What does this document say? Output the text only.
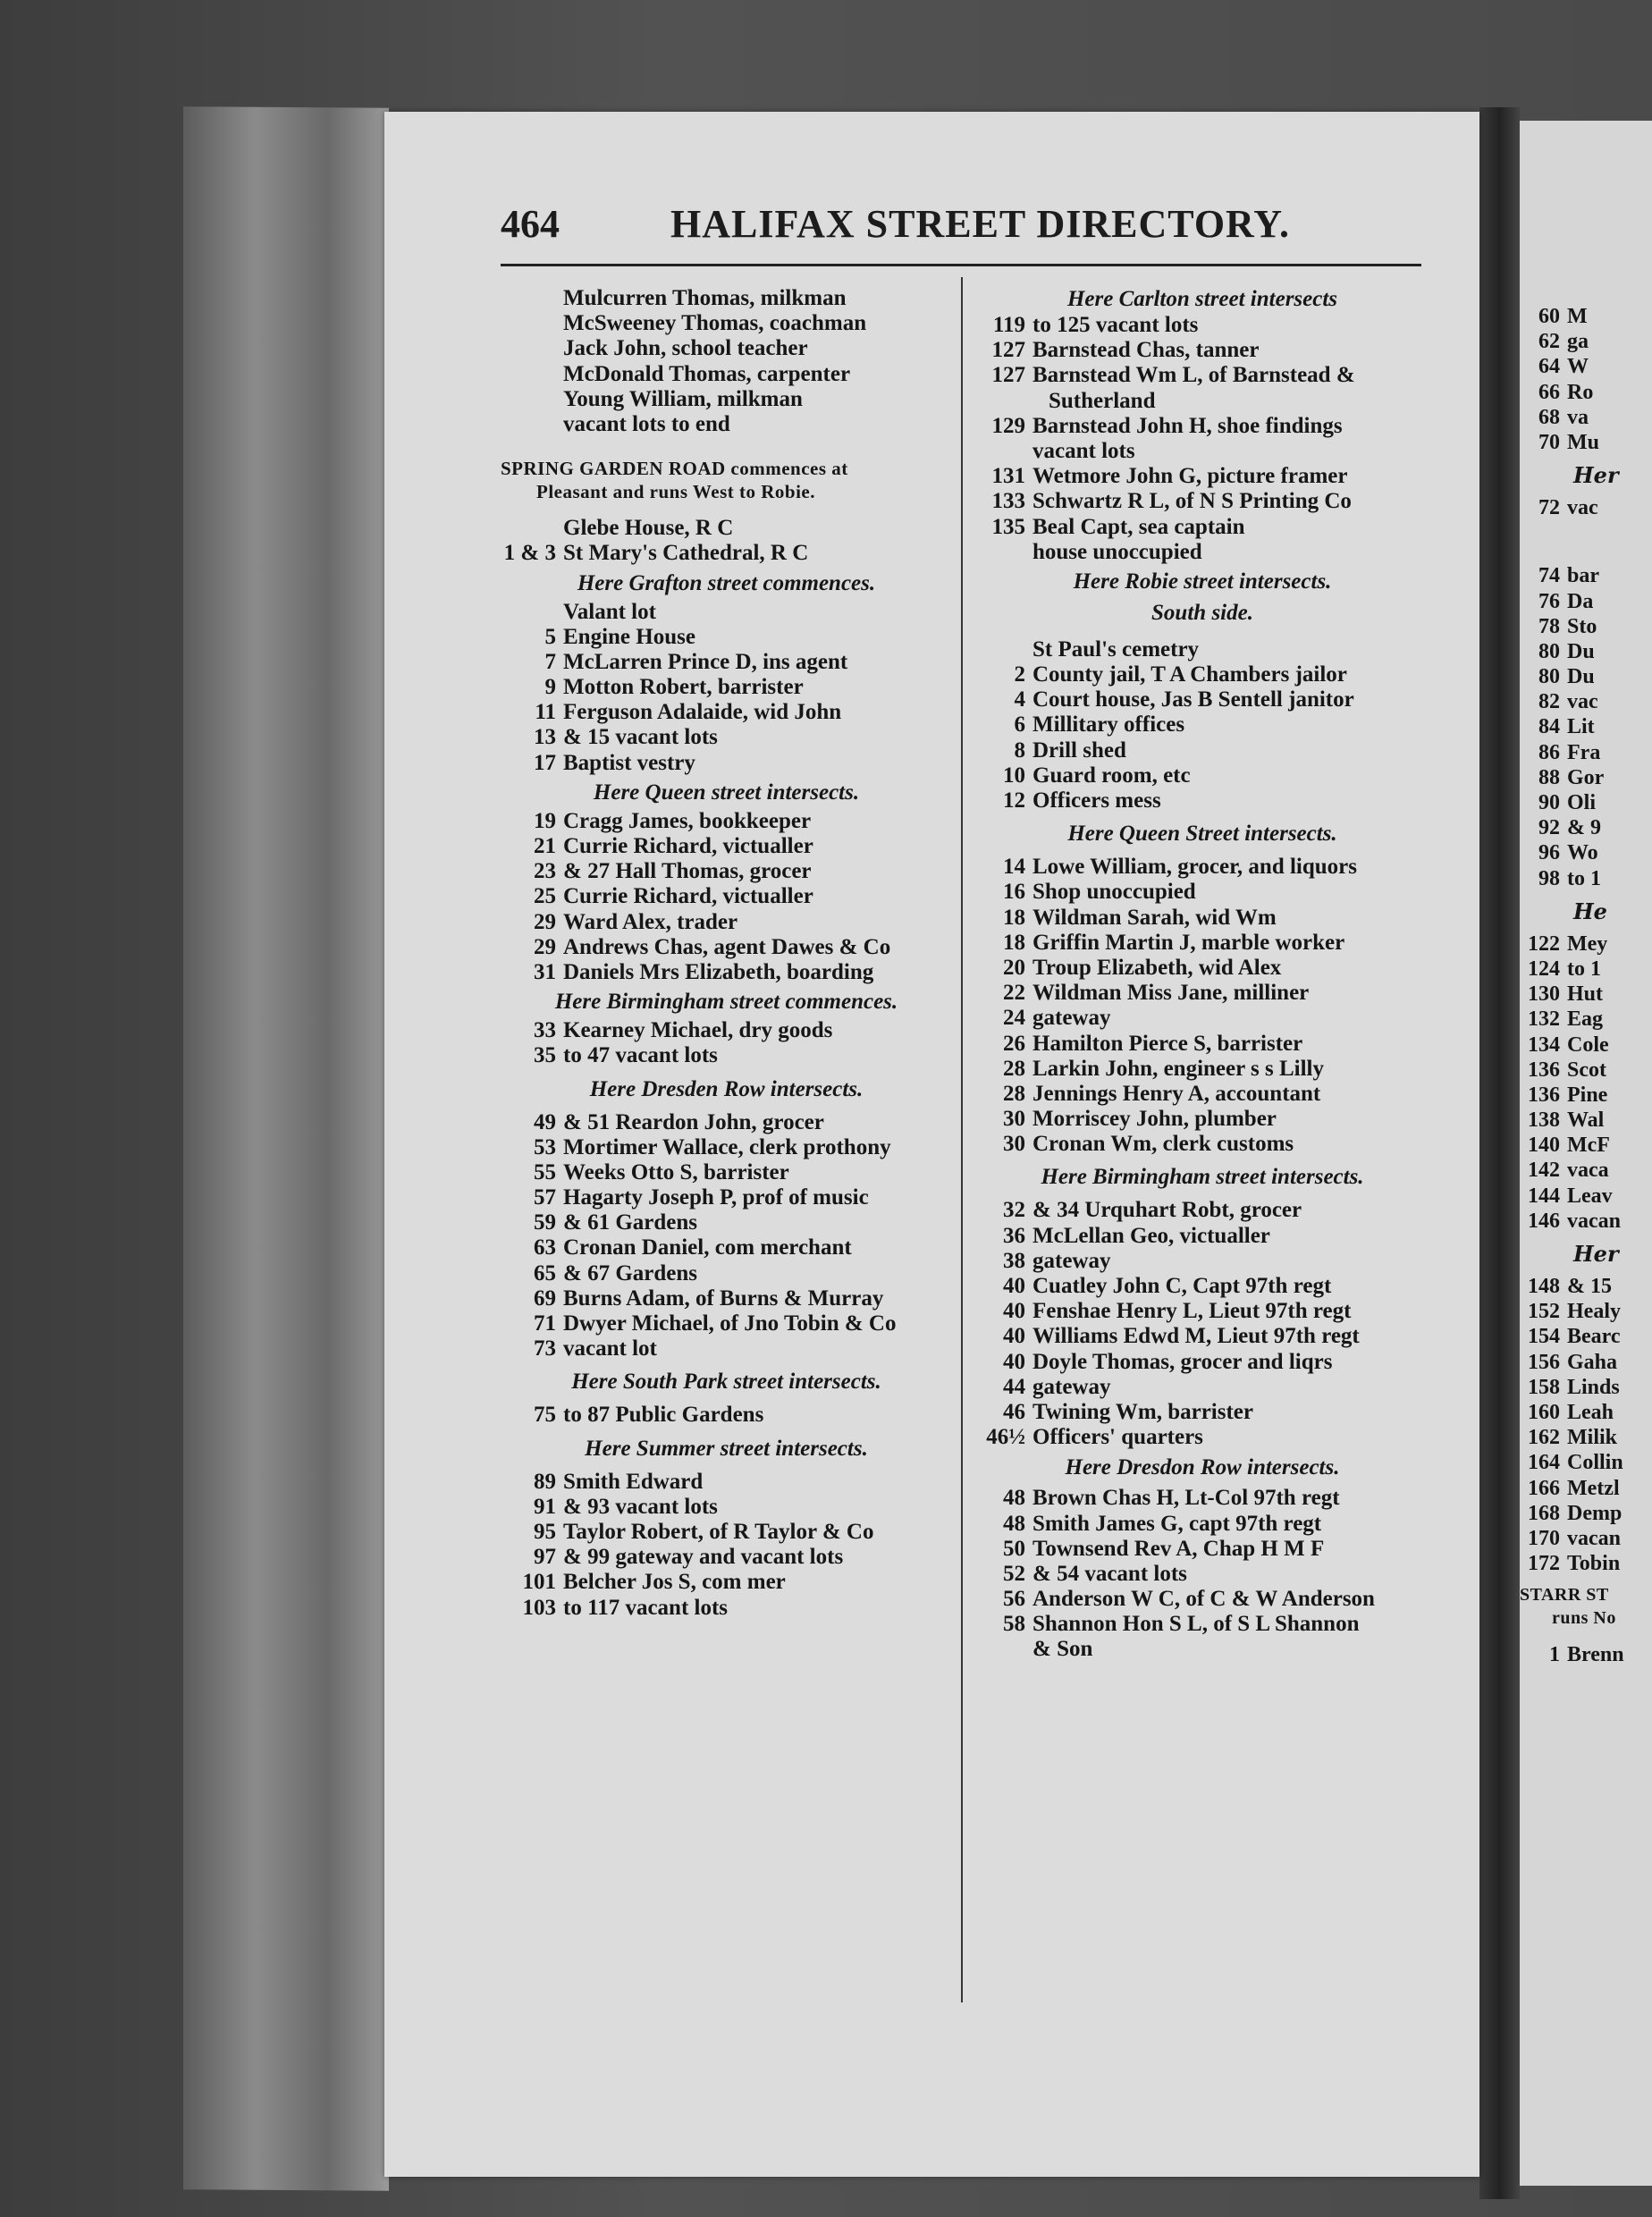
464	HALIFAX STREET DIRECTORY.
Mulcurren Thomas, milkman
McSweeney Thomas, coachman
Jack John, school teacher
McDonald Thomas, carpenter
Young William, milkman
vacant lots to end
SPRING GARDEN ROAD commences at
Pleasant and runs West to Robie.
Glebe House, R C
1 & 3 St Mary's Cathedral, R C
Here Grafton street commences.
Valant lot
5 Engine House
7 McLarren Prince D, ins agent
9 Motton Robert, barrister
11 Ferguson Adalaide, wid John
13 & 15 vacant lots
17 Baptist vestry
Here Queen street intersects.
19 Cragg James, bookkeeper
21 Currie Richard, victualler
23 & 27 Hall Thomas, grocer
25 Currie Richard, victualler
29 Ward Alex, trader
29 Andrews Chas, agent Dawes & Co
31 Daniels Mrs Elizabeth, boarding
Here Birmingham street commences.
33 Kearney Michael, dry goods
35 to 47 vacant lots
Here Dresden Row intersects.
49 & 51 Reardon John, grocer
53 Mortimer Wallace, clerk prothony
55 Weeks Otto S, barrister
57 Hagarty Joseph P, prof of music
59 & 61 Gardens
63 Cronan Daniel, com merchant
65 & 67 Gardens
69 Burns Adam, of Burns & Murray
71 Dwyer Michael, of Jno Tobin & Co
73 vacant lot
Here South Park street intersects.
75 to 87 Public Gardens
Here Summer street intersects.
89 Smith Edward
91 & 93 vacant lots
95 Taylor Robert, of R Taylor & Co
97 & 99 gateway and vacant lots
101 Belcher Jos S, com mer
103 to 117 vacant lots
Here Carlton street intersects
119 to 125 vacant lots
127 Barnstead Chas, tanner
127 Barnstead Wm L, of Barnstead &
Sutherland
129 Barnstead John H, shoe findings
vacant lots
131 Wetmore John G, picture framer
133 Schwartz R L, of N S Printing Co
135 Beal Capt, sea captain
house unoccupied
Here Robie street intersects.
South side.
St Paul's cemetry
2 County jail, T A Chambers jailor
4 Court house, Jas B Sentell janitor
6 Millitary offices
8 Drill shed
10 Guard room, etc
12 Officers mess
Here Queen Street intersects.
14 Lowe William, grocer, and liquors
16 Shop unoccupied
18 Wildman Sarah, wid Wm
18 Griffin Martin J, marble worker
20 Troup Elizabeth, wid Alex
22 Wildman Miss Jane, milliner
24 gateway
26 Hamilton Pierce S, barrister
28 Larkin John, engineer s s Lilly
28 Jennings Henry A, accountant
30 Morriscey John, plumber
30 Cronan Wm, clerk customs
Here Birmingham street intersects.
32 & 34 Urquhart Robt, grocer
36 McLellan Geo, victualler
38 gateway
40 Cuatley John C, Capt 97th regt
40 Fenshae Henry L, Lieut 97th regt
40 Williams Edwd M, Lieut 97th regt
40 Doyle Thomas, grocer and liqrs
44 gateway
46 Twining Wm, barrister
46½ Officers' quarters
Here Dresdon Row intersects.
48 Brown Chas H, Lt-Col 97th regt
48 Smith James G, capt 97th regt
50 Townsend Rev A, Chap H M F
52 & 54 vacant lots
56 Anderson W C, of C & W Anderson
58 Shannon Hon S L, of S L Shannon
& Son
60 M
62 ga
64 W
66 Ro
68 va
70 Mu
Her
72 vac
74 bar
76 Da
78 Sto
80 Du
80 Du
82 vac
84 Lit
86 Fra
88 Gor
90 Oli
92 & 9
96 Wo
98 to 1
He
122 Mey
124 to 1
130 Hut
132 Eag
134 Cole
136 Scot
136 Pine
138 Wal
140 McF
142 vaca
144 Leav
146 vacan
Her
148 & 15
152 Healy
154 Bearc
156 Gaha
158 Linds
160 Leah
162 Milik
164 Collin
166 Metzl
168 Demp
170 vacan
172 Tobin
STARR ST
runs No
1 Brenn
